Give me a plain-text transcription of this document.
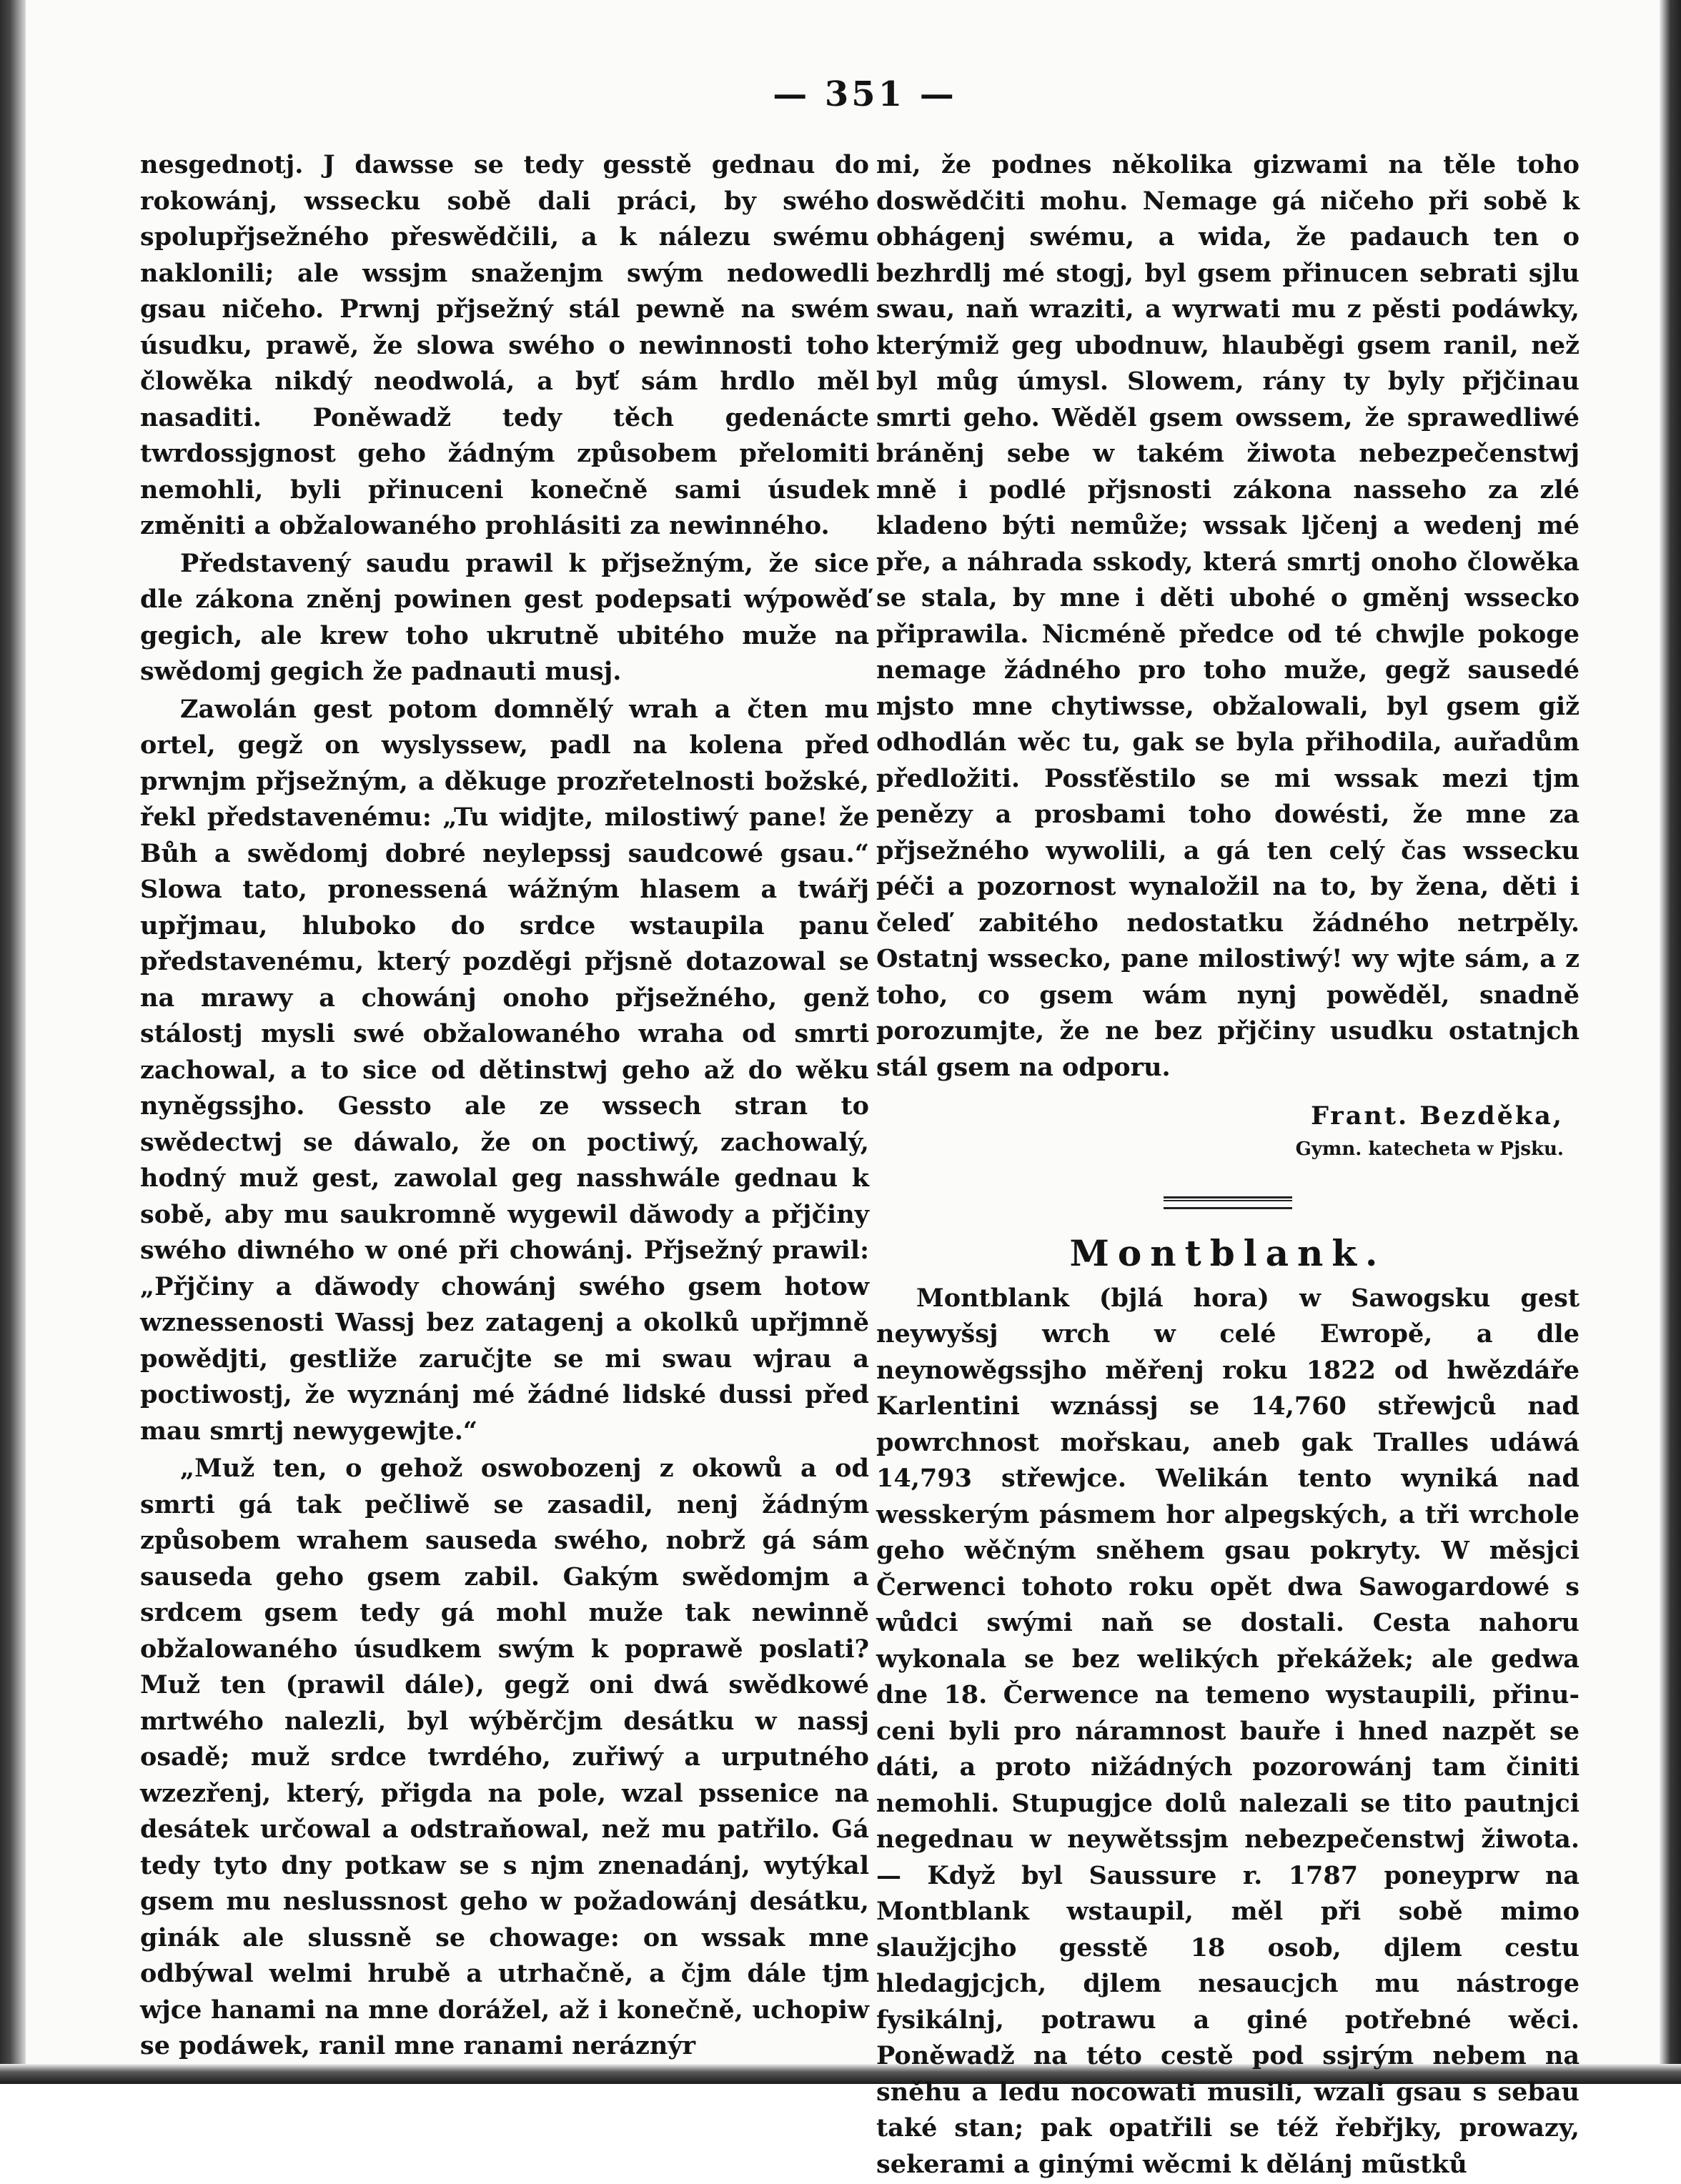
— 351 —

nesgednotj. J dawsse se tedy gesstě gednau do rokowánj, wssecku sobě dali práci, by swého spolupřjsežného přeswědčili, a k nálezu swému naklonili; ale wssjm snaženjm swým nedowedli gsau ničeho. Prwnj přjsežný stál pewně na swém úsudku, prawě, že slowa swého o newinnosti toho člowěka nikdý neodwolá, a byť sám hrdlo měl nasaditi. Poněwadž tedy těch gedenácte twrdossjgnost geho žádným způsobem přelomiti nemohli, byli přinuceni konečně sami úsudek změniti a obžalowaného prohlásiti za newinného.

Představený saudu prawil k přjsežným, že sice dle zákona zněnj powinen gest podepsati wýpowěď gegich, ale krew toho ukrutně ubitého muže na swědomj gegich že padnauti musj.

Zawolán gest potom domnělý wrah a čten mu ortel, gegž on wyslyssew, padl na kolena před prwnjm přjsežným, a děkuge prozřetelnosti božské, řekl představenému: „Tu widjte, milostiwý pane! že Bůh a swědomj dobré neylepssj saudcowé gsau.“ Slowa tato, pronessená wážným hlasem a twářj upřjmau, hluboko do srdce wstaupila panu představenému, který pozděgi přjsně dotazowal se na mrawy a chowánj onoho přjsežného, genž stálostj mysli swé obžalowaného wraha od smrti zachowal, a to sice od dětinstwj geho až do wěku nyněgssjho. Gesstо ale ze wssech stran to swědectwj se dáwalo, že on poctiwý, zachowalý, hodný muž gest, zawolal geg nasshwále gednau k sobě, aby mu saukromně wygewil dăwody a přjčiny swého diwného w oné při chowánj. Přjsežný prawil: „Přjčiny a dăwody chowánj swého gsem hotow wznessenosti Wassj bez zatagenj a okolků upřjmně powědjti, gestliže zaručjte se mi swau wjrau a poctiwostj, že wyznánj mé žádné lidské dussi před mau smrtj newygewjte.“

„Muž ten, o gehož oswobozenj z okowů a od smrti gá tak pečliwě se zasadil, nenj žádným způsobem wrahem sauseda swého, nobrž gá sám sauseda geho gsem zabil. Gakým swědomjm a srdcem gsem tedy gá mohl muže tak newinně obžalowaného úsudkem swým k poprawě poslati? Muž ten (prawil dále), gegž oni dwá swědkowé mrtwého nalezli, byl wýběrčjm desátku w nassj osadě; muž srdce twrdého, zuřiwý a urputného wzezřenj, který, přigda na pole, wzal pssenice na desátek určowal a odstraňowal, než mu patřilo. Gá tedy tyto dny potkaw se s njm znenadánj, wytýkal gsem mu neslussnost geho w požadowánj desátku, ginák ale slussně se chowage: on wssak mne odbýwal welmi hrubě a utrhačně, a čjm dále tjm wjce hanami na mne dorážel, až i konečně, uchopiw se podáwek, ranil mne ranami neráznýr

mi, že podnes několika gizwami na těle toho doswědčiti mohu. Nemage gá ničeho při sobě k obhágenj swému, a wida, že padauch ten o bezhrdlj mé stogj, byl gsem přinucen sebrati sjlu swau, naň wraziti, a wyrwati mu z pěsti podáwky, kterýmiž geg ubodnuw, hlauběgi gsem ranil, než byl můg úmysl. Slowem, rány ty byly přjčinau smrti geho. Wěděl gsem owssem, že sprawedliwé bráněnj sebe w takém žiwota nebezpečenstwj mně i podlé přjsnosti zákona nasseho za zlé kladeno býti nemůže; wssak ljčenj a wedenj mé pře, a náhrada sskody, která smrtj onoho člowěka se stala, by mne i děti ubohé o gměnj wssecko připrawila. Nicméně předce od té chwjle pokoge nemage žádného pro toho muže, gegž sausedé mjsto mne chytiwsse, obžalowali, byl gsem giž odhodlán wěc tu, gak se byla přihodila, auřadům předložiti. Possťěstilo se mi wssak mezi tjm penězy a prosbami toho dowésti, že mne za přjsežného wywolili, a gá ten celý čas wssecku péči a pozornost wynaložil na to, by žena, děti i čeleď zabitého nedostatku žádného netrpěly. Ostatnj wssecko, pane milostiwý! wy wjte sám, a z toho, co gsem wám nynj powěděl, snadně porozumjte, že ne bez přjčiny usudku ostatnjch stál gsem na odporu.

Frant. Bezděka,
Gymn. katecheta w Pjsku.
Montblank.

Montblank (bjlá hora) w Sawogsku gest neywyšsj wrch w celé Ewropě, a dle neynowěgssjho měřenj roku 1822 od hwězdáře Karlentini wznássj se 14,760 střewjců nad powrchnost mořskau, aneb gak Tralles udáwá 14,793 střewjce. Welikán tento wyniká nad wesskerým pásmem hor alpegských, a tři wrchole geho wěčným sněhem gsau pokryty. W měsjci Čerwenci tohoto roku opět dwa Sawogardowé s wůdci swými naň se dostali. Cesta nahoru wykonala se bez welikých překážek; ale gedwa dne 18. Čerwence na temeno wystaupili, přinuceni byli pro náramnost bauře i hned nazpět se dáti, a proto nižádných pozorowánj tam činiti nemohli. Stupugjce dolů nalezali se tito pautnjci negednau w neywětssjm nebezpečenstwj žiwota. — Když byl Saussure r. 1787 poneyprw na Montblank wstaupil, měl při sobě mimo slaužjcjho gesstě 18 osob, djlem cestu hledagjcjch, djlem nesaucjch mu nástroge fysikálnj, potrawu a giné potřebné wěci. Poněwadž na této cestě pod ssjrým nebem na sněhu a ledu nocowati musili, wzali gsau s sebau také stan; pak opatřili se též řebřjky, prowazy, sekerami a ginými wěcmi k dělánj mũstků
